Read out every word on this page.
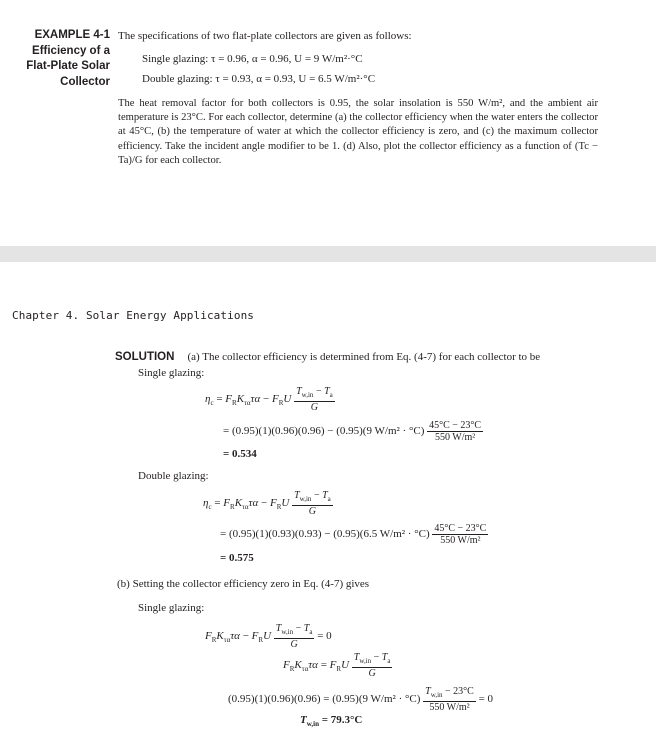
EXAMPLE 4-1
Efficiency of a
Flat-Plate Solar
Collector
The specifications of two flat-plate collectors are given as follows:
Single glazing: τ = 0.96, α = 0.96, U = 9 W/m²·°C
Double glazing: τ = 0.93, α = 0.93, U = 6.5 W/m²·°C
The heat removal factor for both collectors is 0.95, the solar insolation is 550 W/m², and the ambient air temperature is 23°C. For each collector, determine (a) the collector efficiency when the water enters the collector at 45°C, (b) the temperature of water at which the collector efficiency is zero, and (c) the maximum collector efficiency. Take the incident angle modifier to be 1. (d) Also, plot the collector efficiency as a function of (Tc − Ta)/G for each collector.
Chapter 4. Solar Energy Applications
SOLUTION (a) The collector efficiency is determined from Eq. (4-7) for each collector to be
Single glazing:
$\eta_c = F_RK_{\tau\alpha}\tau\alpha - F_RU \frac{T_{w,in} - T_a}{G}$
= (0.95)(1)(0.96)(0.96) − (0.95)(9 $W/m^2 \cdot ^\circ C) \frac{45^\circ C - 23^\circ C}{\text{550 W/m²}}$
= 0.534
Double glazing:
$\eta_c = F_RK_{\tau\alpha}\tau\alpha - F_RU \frac{T_{w,in} - T_a}{G}$
= (0.95)(1)(0.93)(0.93) − (0.95)(6.5 $W/m^2 \cdot ^\circ C) \frac{45^\circ C - 23^\circ C}{\text{550 W/m²}}$
= 0.575
(b) Setting the collector efficiency zero in Eq. (4-7) gives
Single glazing:
$F_RK_{\tau\alpha}\tau\alpha - F_RU \frac{T_{w,in} - T_a}{G} = 0$
$F_RK_{\tau\alpha}\tau\alpha = F_RU \frac{T_{w,in} - T_a}{G}$
(0.95)(1)(0.96)(0.96) = (0.95)(9 $W/m^2 \cdot ^\circ C) \frac{T_{w,in} - 23^\circ C}{\text{550 W/m²}} = 0$
$T_{w,in} = 79.3^\circ C$
